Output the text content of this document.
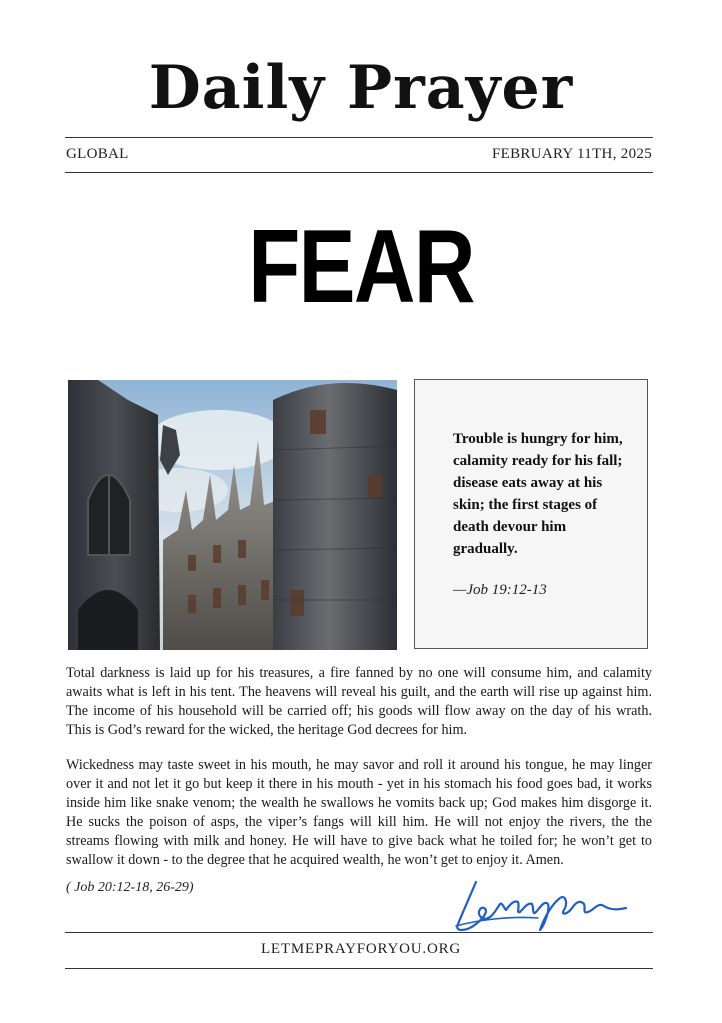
Daily Prayer
GLOBAL	FEBRUARY 11TH, 2025
FEAR
Trouble is hungry for him, calamity ready for his fall; disease eats away at his skin; the first stages of death devour him gradually.
—Job 19:12-13

Total darkness is laid up for his treasures, a fire fanned by no one will consume him, and calamity awaits what is left in his tent. The heavens will reveal his guilt, and the earth will rise up against him. The income of his household will be carried off; his goods will flow away on the day of his wrath. This is God’s reward for the wicked, the heritage God decrees for him.

Wickedness may taste sweet in his mouth, he may savor and roll it around his tongue, he may linger over it and not let it go but keep it there in his mouth - yet in his stomach his food goes bad, it works inside him like snake venom; the wealth he swallows he vomits back up; God makes him disgorge it. He sucks the poison of asps, the viper’s fangs will kill him. He will not enjoy the rivers, the the streams flowing with milk and honey. He will have to give back what he toiled for; he won’t get to swallow it down - to the degree that he acquired wealth, he won’t get to enjoy it. Amen.

( Job 20:12-18, 26-29)
LETMEPRAYFORYOU.ORG
